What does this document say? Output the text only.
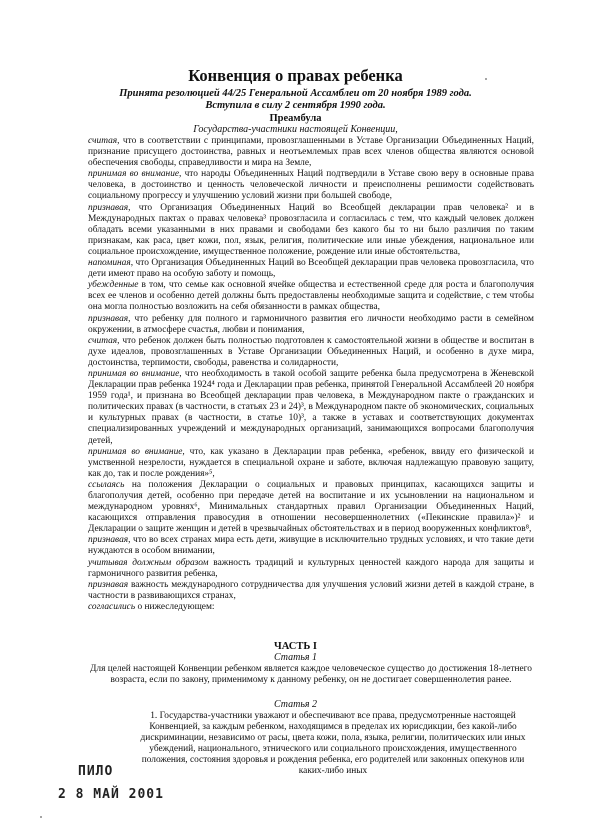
Конвенция о правах ребенка
Принята резолюцией 44/25 Генеральной Ассамблеи от 20 ноября 1989 года.
Вступила в силу 2 сентября 1990 года.
Преамбула
Государства-участники настоящей Конвенции,

считая, что в соответствии с принципами, провозглашенными в Уставе Организации Объединенных Наций, признание присущего достоинства, равных и неотъемлемых прав всех членов общества являются основой обеспечения свободы, справедливости и мира на Земле,

принимая во внимание, что народы Объединенных Наций подтвердили в Уставе свою веру в основные права человека, в достоинство и ценность человеческой личности и преисполнены решимости содействовать социальному прогрессу и улучшению условий жизни при большей свободе,

признавая, что Организация Объединенных Наций во Всеобщей декларации прав человека² и в Международных пактах о правах человека³ провозгласила и согласилась с тем, что каждый человек должен обладать всеми указанными в них правами и свободами без какого бы то ни было различия по таким признакам, как раса, цвет кожи, пол, язык, религия, политические или иные убеждения, национальное или социальное происхождение, имущественное положение, рождение или иные обстоятельства,

напоминая, что Организация Объединенных Наций во Всеобщей декларации прав человека провозгласила, что дети имеют право на особую заботу и помощь,

убежденные в том, что семье как основной ячейке общества и естественной среде для роста и благополучия всех ее членов и особенно детей должны быть предоставлены необходимые защита и содействие, с тем чтобы она могла полностью возложить на себя обязанности в рамках общества,

признавая, что ребенку для полного и гармоничного развития его личности необходимо расти в семейном окружении, в атмосфере счастья, любви и понимания,

считая, что ребенок должен быть полностью подготовлен к самостоятельной жизни в обществе и воспитан в духе идеалов, провозглашенных в Уставе Организации Объединенных Наций, и особенно в духе мира, достоинства, терпимости, свободы, равенства и солидарности,

принимая во внимание, что необходимость в такой особой защите ребенка была предусмотрена в Женевской Декларации прав ребенка 1924⁴ года и Декларации прав ребенка, принятой Генеральной Ассамблеей 20 ноября 1959 года¹, и признана во Всеобщей декларации прав человека, в Международном пакте о гражданских и политических правах (в частности, в статьях 23 и 24)³, в Международном пакте об экономических, социальных и культурных правах (в частности, в статье 10)³, а также в уставах и соответствующих документах специализированных учреждений и международных организаций, занимающихся вопросами благополучия детей,

принимая во внимание, что, как указано в Декларации прав ребенка, «ребенок, ввиду его физической и умственной незрелости, нуждается в специальной охране и заботе, включая надлежащую правовую защиту, как до, так и после рождения»⁵,

ссылаясь на положения Декларации о социальных и правовых принципах, касающихся защиты и благополучия детей, особенно при передаче детей на воспитание и их усыновлении на национальном и международном уровнях⁶, Минимальных стандартных правил Организации Объединенных Наций, касающихся отправления правосудия в отношении несовершеннолетних («Пекинские правила»)² и Декларации о защите женщин и детей в чрезвычайных обстоятельствах и в период вооруженных конфликтов⁸,

признавая, что во всех странах мира есть дети, живущие в исключительно трудных условиях, и что такие дети нуждаются в особом внимании,

учитывая должным образом важность традиций и культурных ценностей каждого народа для защиты и гармоничного развития ребенка,

признавая важность международного сотрудничества для улучшения условий жизни детей в каждой стране, в частности в развивающихся странах,

согласились о нижеследующем:

ЧАСТЬ I
Статья 1
Для целей настоящей Конвенции ребенком является каждое человеческое существо до достижения 18-летнего возраста, если по закону, применимому к данному ребенку, он не достигает совершеннолетия ранее.
Статья 2
1. Государства-участники уважают и обеспечивают все права, предусмотренные настоящей Конвенцией, за каждым ребенком, находящимся в пределах их юрисдикции, без какой-либо дискриминации, независимо от расы, цвета кожи, пола, языка, религии, политических или иных убеждений, национального, этнического или социального происхождения, имущественного положения, состояния здоровья и рождения ребенка, его родителей или законных опекунов или каких-либо иных
ПИЛО
2 8 МАЙ 2001
